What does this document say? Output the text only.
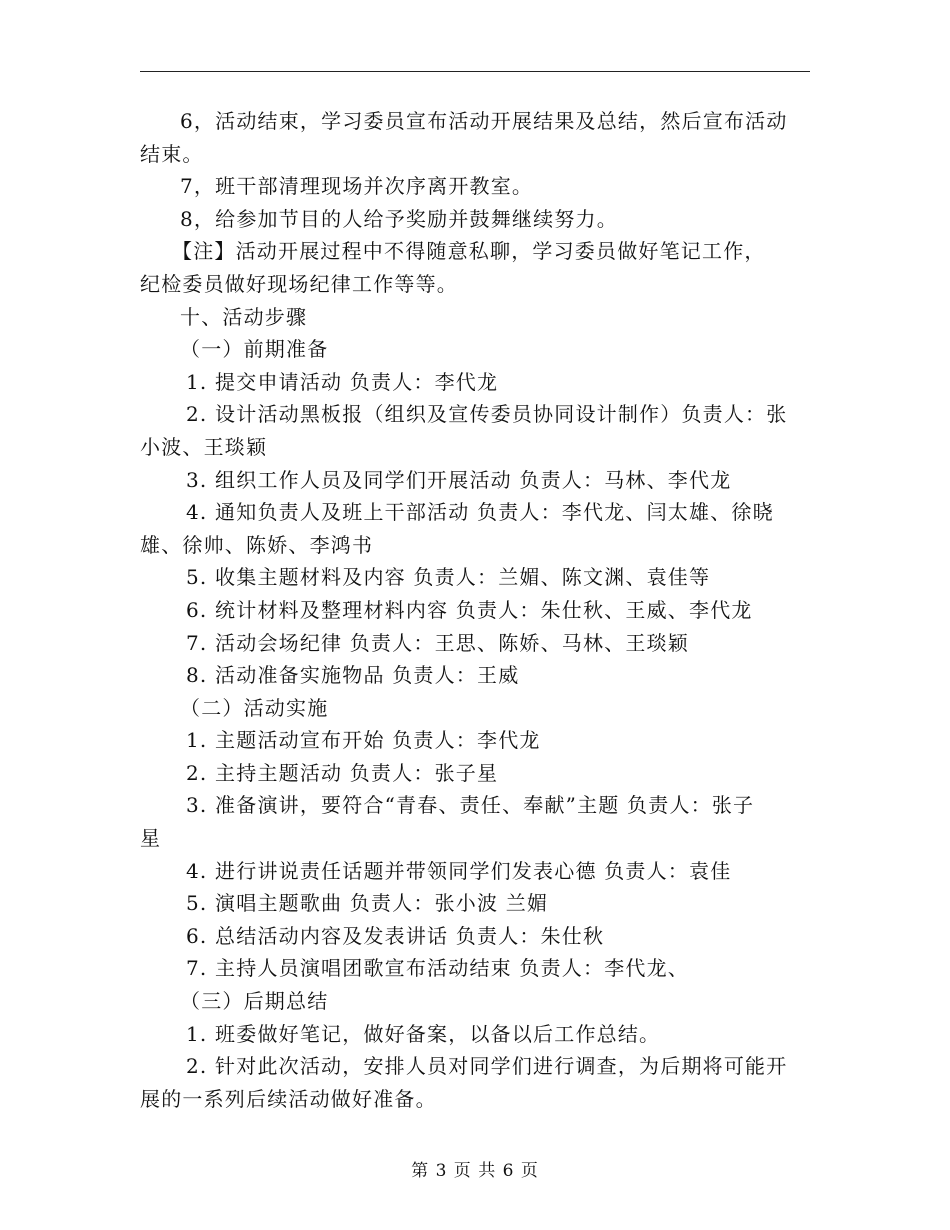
6，活动结束，学习委员宣布活动开展结果及总结，然后宣布活动

结束。

7，班干部清理现场并次序离开教室。

8，给参加节目的人给予奖励并鼓舞继续努力。

【注】活动开展过程中不得随意私聊，学习委员做好笔记工作，

纪检委员做好现场纪律工作等等。

十、活动步骤

（一）前期准备

1. 提交申请活动 负责人：李代龙

2. 设计活动黑板报（组织及宣传委员协同设计制作）负责人：张

小波、王琰颖

3. 组织工作人员及同学们开展活动 负责人：马林、李代龙

4. 通知负责人及班上干部活动 负责人：李代龙、闫太雄、徐晓

雄、徐帅、陈娇、李鸿书

5. 收集主题材料及内容 负责人：兰媚、陈文渊、袁佳等

6. 统计材料及整理材料内容 负责人：朱仕秋、王威、李代龙

7. 活动会场纪律 负责人：王思、陈娇、马林、王琰颖

8. 活动准备实施物品 负责人：王威

（二）活动实施

1. 主题活动宣布开始 负责人：李代龙

2. 主持主题活动 负责人：张子星

3. 准备演讲，要符合“青春、责任、奉献”主题 负责人：张子

星

4. 进行讲说责任话题并带领同学们发表心德 负责人：袁佳

5. 演唱主题歌曲 负责人：张小波 兰媚

6. 总结活动内容及发表讲话 负责人：朱仕秋

7. 主持人员演唱团歌宣布活动结束 负责人：李代龙、

（三）后期总结

1. 班委做好笔记，做好备案，以备以后工作总结。

2. 针对此次活动，安排人员对同学们进行调查，为后期将可能开

展的一系列后续活动做好准备。

第 3 页 共 6 页
